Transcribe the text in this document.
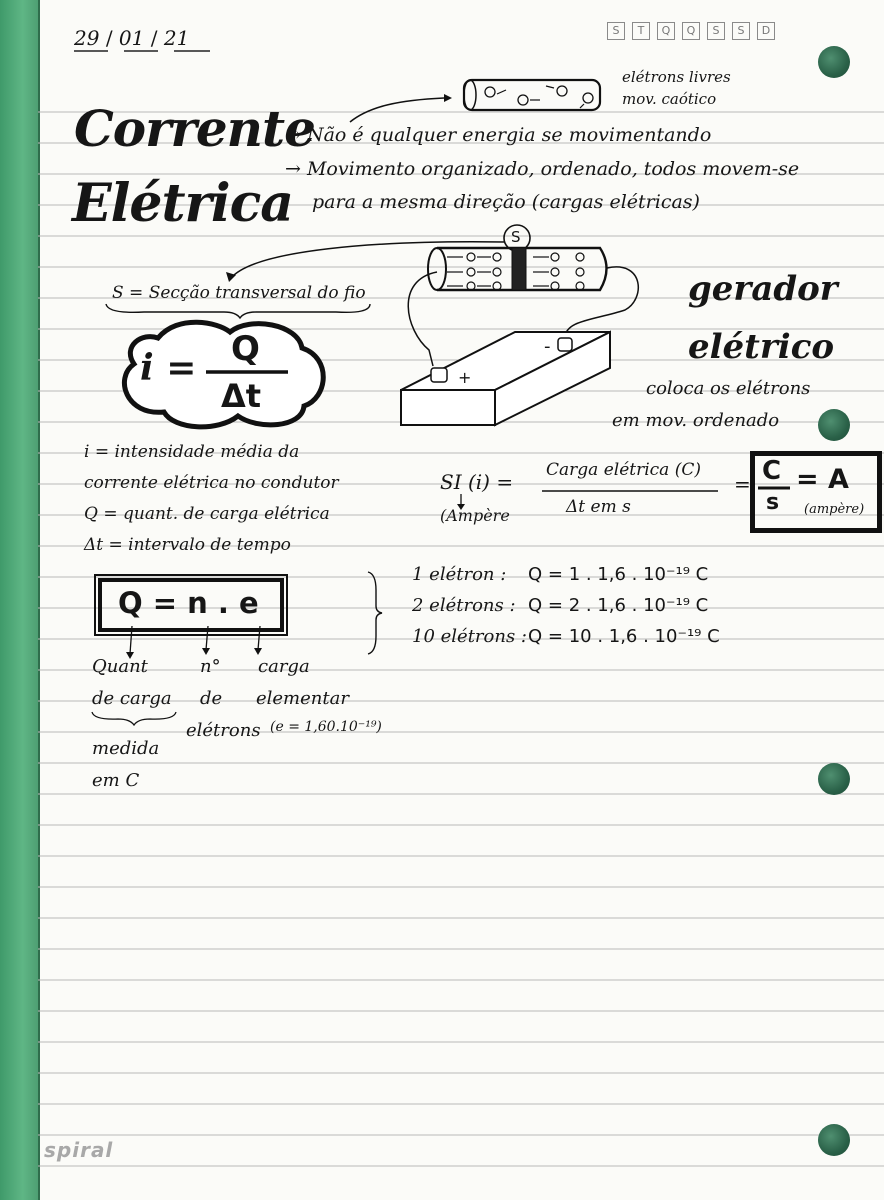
29 / 01 / 21	S	T	Q	Q	S	S	D
Corrente
Elétrica
elétrons livres
mov. caótico
→ Não é qualquer energia se movimentando
→ Movimento organizado, ordenado, todos movem-se
para a mesma direção (cargas elétricas)
S
-
+
S = Secção transversal do fio
i = Q
Δt
gerador
elétrico
coloca os elétrons
em mov. ordenado
i = intensidade média da
corrente elétrica no condutor
Q = quant. de carga elétrica
Δt = intervalo de tempo
SI (i) =
(Ampère
Carga elétrica (C)
Δt em s
= C
s
= A
(ampère)
Q = n . e
Quant
de carga
medida
em C
n°
de
elétrons
carga
elementar
(e = 1,60.10⁻¹⁹)
1 elétron : Q = 1 . 1,6 . 10⁻¹⁹ C
2 elétrons : Q = 2 . 1,6 . 10⁻¹⁹ C
10 elétrons : Q = 10 . 1,6 . 10⁻¹⁹ C
spiral
